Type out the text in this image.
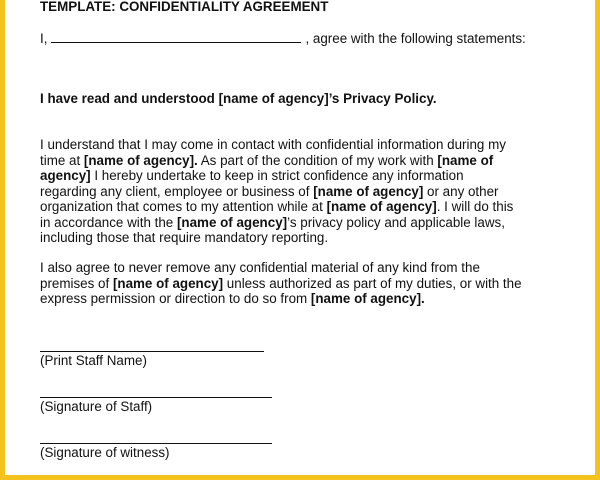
TEMPLATE: CONFIDENTIALITY AGREEMENT
I,	, agree with the following statements:
I have read and understood [name of agency]’s Privacy Policy.
I understand that I may come in contact with confidential information during my
time at [name of agency]. As part of the condition of my work with [name of
agency] I hereby undertake to keep in strict confidence any information
regarding any client, employee or business of [name of agency] or any other
organization that comes to my attention while at [name of agency]. I will do this
in accordance with the [name of agency]’s privacy policy and applicable laws,
including those that require mandatory reporting.
I also agree to never remove any confidential material of any kind from the
premises of [name of agency] unless authorized as part of my duties, or with the
express permission or direction to do so from [name of agency].
(Print Staff Name)
(Signature of Staff)
(Signature of witness)
